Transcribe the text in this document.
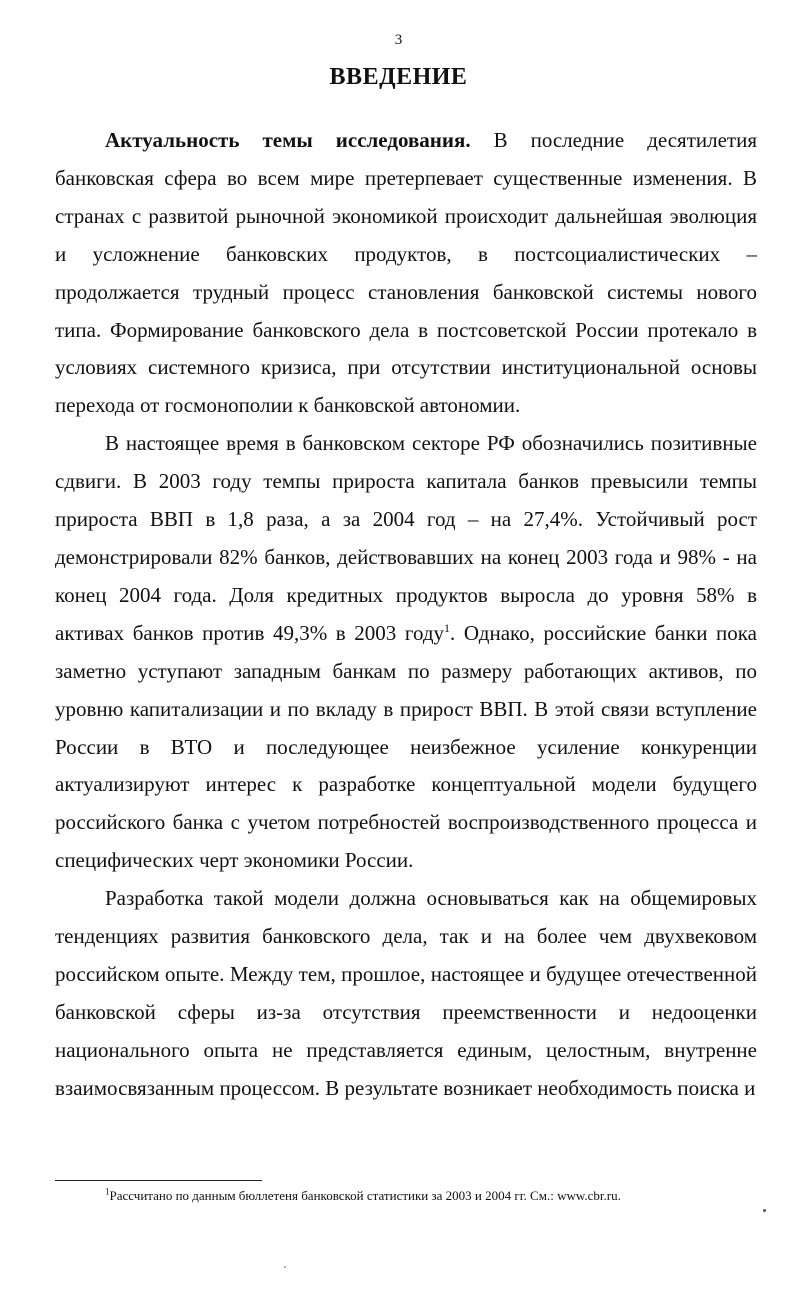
3
ВВЕДЕНИЕ

Актуальность темы исследования. В последние десятилетия банковская сфера во всем мире претерпевает существенные изменения. В странах с развитой рыночной экономикой происходит дальнейшая эволюция и усложнение банковских продуктов, в постсоциалистических – продолжается трудный процесс становления банковской системы нового типа. Формирование банковского дела в постсоветской России протекало в условиях системного кризиса, при отсутствии институциональной основы перехода от госмонополии к банковской автономии.

В настоящее время в банковском секторе РФ обозначились позитивные сдвиги. В 2003 году темпы прироста капитала банков превысили темпы прироста ВВП в 1,8 раза, а за 2004 год – на 27,4%. Устойчивый рост демонстрировали 82% банков, действовавших на конец 2003 года и 98% - на конец 2004 года. Доля кредитных продуктов выросла до уровня 58% в активах банков против 49,3% в 2003 году$^1$. Однако, российские банки пока заметно уступают западным банкам по размеру работающих активов, по уровню капитализации и по вкладу в прирост ВВП. В этой связи вступление России в ВТО и последующее неизбежное усиление конкуренции актуализируют интерес к разработке концептуальной модели будущего российского банка с учетом потребностей воспроизводственного процесса и специфических черт экономики России.

Разработка такой модели должна основываться как на общемировых тенденциях развития банковского дела, так и на более чем двухвековом российском опыте. Между тем, прошлое, настоящее и будущее отечественной банковской сферы из-за отсутствия преемственности и недооценки национального опыта не представляется единым, целостным, внутренне взаимосвязанным процессом. В результате возникает необходимость поиска и

$^1$Рассчитано по данным бюллетеня банковской статистики за 2003 и 2004 гг. См.: www.cbr.ru.
